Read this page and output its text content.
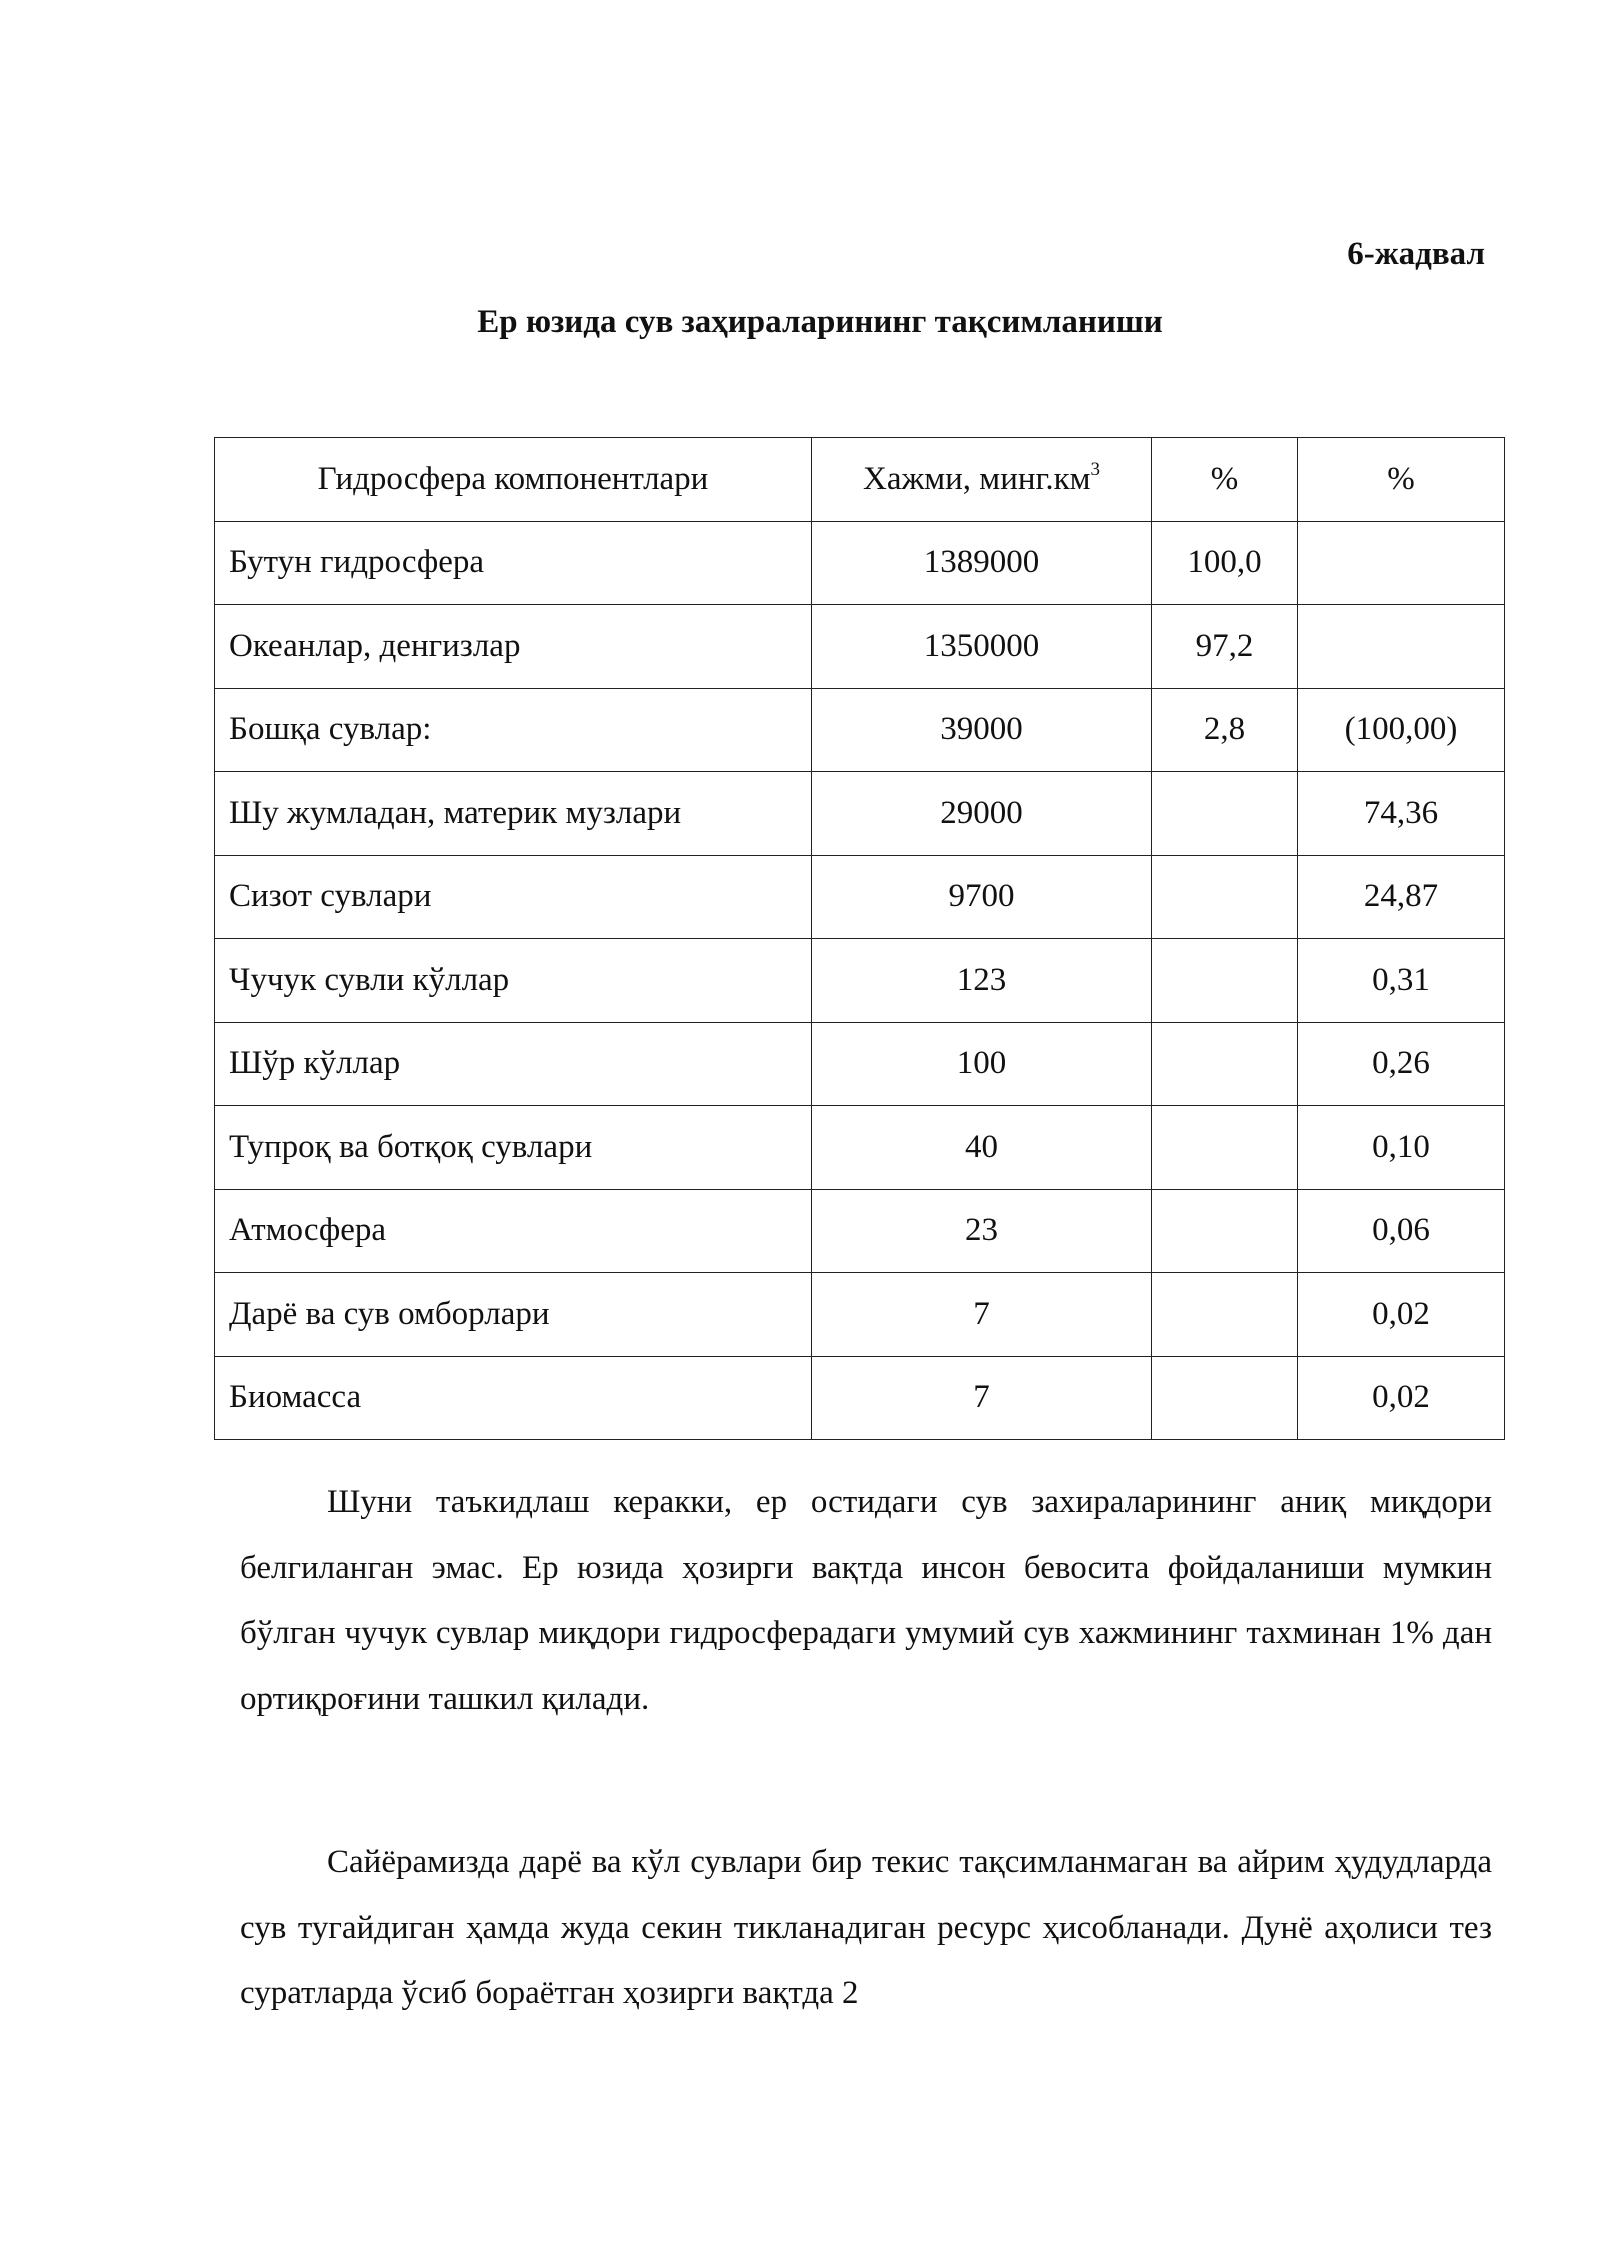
6-жадвал
Ер юзида сув заҳираларининг тақсимланиши
Гидросфера компонентлари	Хажми, $минг.км^3$	%	%
Бутун гидросфера	1389000	100,0	
Океанлар, денгизлар	1350000	97,2	
Бошқа сувлар:	39000	2,8	(100,00)
Шу жумладан, материк музлари	29000		74,36
Сизот сувлари	9700		24,87
Чучук сувли кўллар	123		0,31
Шўр кўллар	100		0,26
Тупроқ ва ботқоқ сувлари	40		0,10
Атмосфера	23		0,06
Дарё ва сув омборлари	7		0,02
Биомасса	7		0,02

Шуни таъкидлаш керакки, ер остидаги сув захираларининг аниқ миқдори белгиланган эмас. Ер юзида ҳозирги вақтда инсон бевосита фойдаланиши мумкин бўлган чучук сувлар миқдори гидросферадаги умумий сув хажмининг тахминан 1% дан ортиқроғини ташкил қилади.

Сайёрамизда дарё ва кўл сувлари бир текис тақсимланмаган ва айрим ҳудудларда сув тугайдиган ҳамда жуда секин тикланадиган ресурс ҳисобланади. Дунё аҳолиси тез суратларда ўсиб бораётган ҳозирги вақтда 2
